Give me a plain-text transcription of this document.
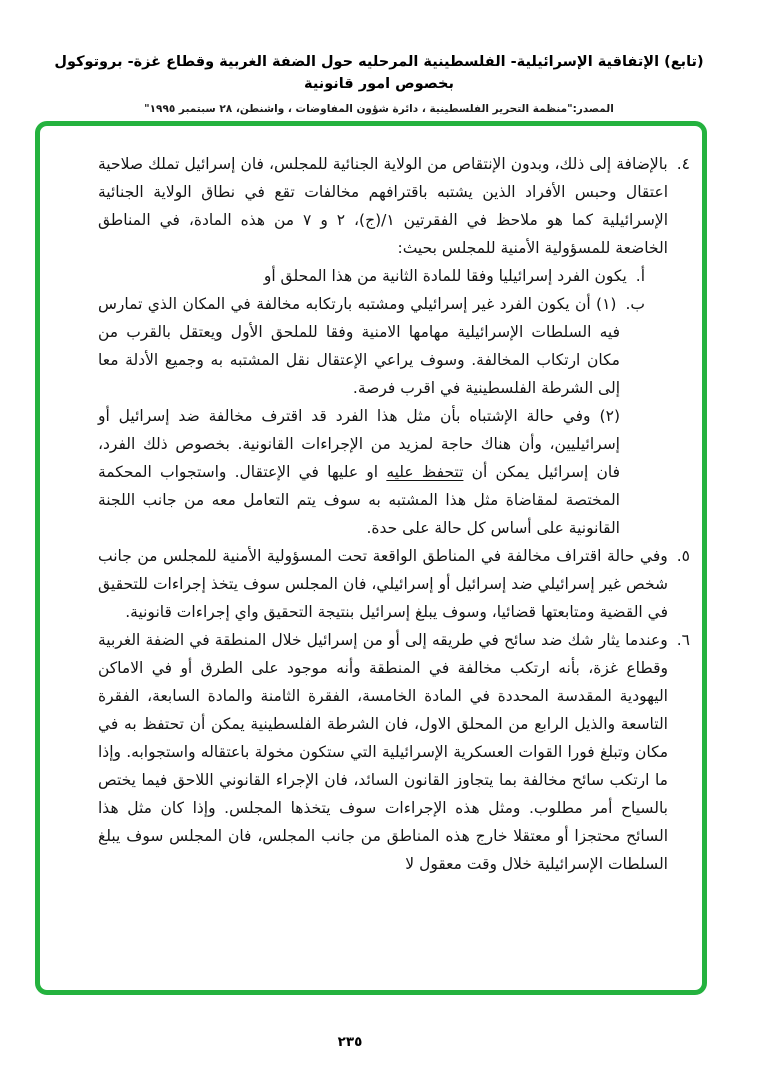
(تابع) الإتفاقية الإسرائيلية- الفلسطينية المرحليه حول الضفة الغربية وقطاع غزة- بروتوكول بخصوص امور قانونية
المصدر:"منظمة التحرير الفلسطينية ، دائرة شؤون المفاوضات ، واشنطن، ٢٨ سبتمبر ١٩٩٥"
٤.بالإضافة إلى ذلك، وبدون الإنتقاص من الولاية الجنائية للمجلس، فان إسرائيل تملك صلاحية اعتقال وحبس الأفراد الذين يشتبه باقترافهم مخالفات تقع في نطاق الولاية الجنائية الإسرائيلية كما هو ملاحظ في الفقرتين ١/(ج)، ٢ و ٧ من هذه المادة، في المناطق الخاضعة للمسؤولية الأمنية للمجلس بحيث:
أ.يكون الفرد إسرائيليا وفقا للمادة الثانية من هذا المحلق أو
ب.(١) أن يكون الفرد غير إسرائيلي ومشتبه بارتكابه مخالفة في المكان الذي تمارس فيه السلطات الإسرائيلية مهامها الامنية وفقا للملحق الأول ويعتقل بالقرب من مكان ارتكاب المخالفة. وسوف يراعي الإعتقال نقل المشتبه به وجميع الأدلة معا إلى الشرطة الفلسطينية في اقرب فرصة.
(٢)وفي حالة الإشتباه بأن مثل هذا الفرد قد اقترف مخالفة ضد إسرائيل أو إسرائيليين، وأن هناك حاجة لمزيد من الإجراءات القانونية. بخصوص ذلك الفرد، فان إسرائيل يمكن أن تتحفظ عليه او عليها في الإعتقال. واستجواب المحكمة المختصة لمقاضاة مثل هذا المشتبه به سوف يتم التعامل معه من جانب اللجنة القانونية على أساس كل حالة على حدة.
٥.وفي حالة اقتراف مخالفة في المناطق الواقعة تحت المسؤولية الأمنية للمجلس من جانب شخص غير إسرائيلي ضد إسرائيل أو إسرائيلي، فان المجلس سوف يتخذ إجراءات للتحقيق في القضية ومتابعتها قضائيا، وسوف يبلغ إسرائيل بنتيجة التحقيق واي إجراءات قانونية.
٦.وعندما يثار شك ضد سائح في طريقه إلى أو من إسرائيل خلال المنطقة في الضفة الغربية وقطاع غزة، بأنه ارتكب مخالفة في المنطقة وأنه موجود على الطرق أو في الاماكن اليهودية المقدسة المحددة في المادة الخامسة، الفقرة الثامنة والمادة السابعة، الفقرة التاسعة والذيل الرابع من المحلق الاول، فان الشرطة الفلسطينية يمكن أن تحتفظ به في مكان وتبلغ فورا القوات العسكرية الإسرائيلية التي ستكون مخولة باعتقاله واستجوابه. وإذا ما ارتكب سائح مخالفة بما يتجاوز القانون السائد، فان الإجراء القانوني اللاحق فيما يختص بالسياح أمر مطلوب. ومثل هذه الإجراءات سوف يتخذها المجلس. وإذا كان مثل هذا السائح محتجزا أو معتقلا خارج هذه المناطق من جانب المجلس، فان المجلس سوف يبلغ السلطات الإسرائيلية خلال وقت معقول لا
٢٣٥
